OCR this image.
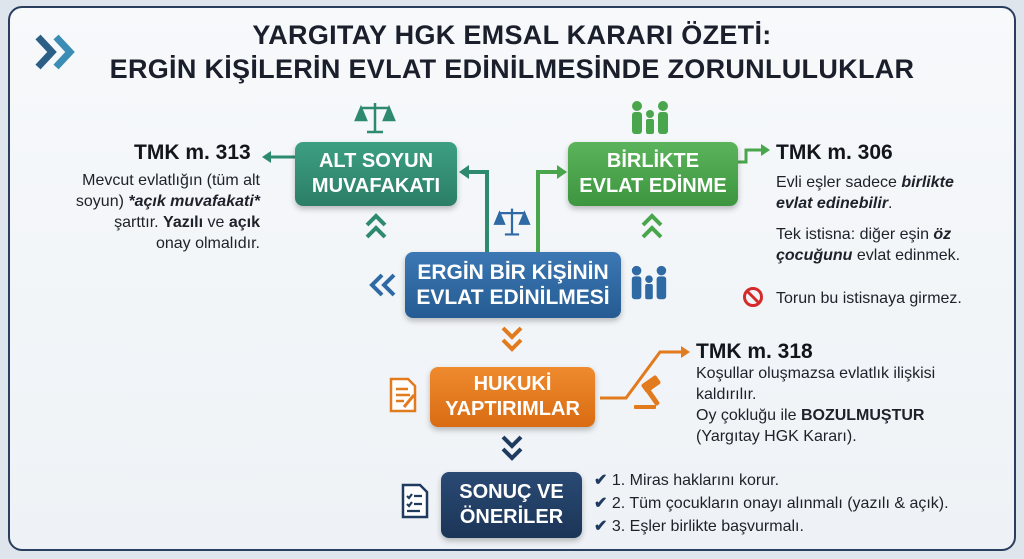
YARGITAY HGK EMSAL KARARI ÖZETİ:
ERGİN KİŞİLERİN EVLAT EDİNİLMESİNDE ZORUNLULUKLAR
ALT SOYUN
MUVAFAKATI
BİRLİKTE
EVLAT EDİNME
ERGİN BİR KİŞİNİN
EVLAT EDİNİLMESİ
HUKUKİ
YAPTIRIMLAR
SONUÇ VE
ÖNERİLER
TMK m. 313
Mevcut evlatlığın (tüm alt
soyun) *açık muvafakati*
şarttır. Yazılı ve açık
onay olmalıdır.
TMK m. 306
Evli eşler sadece birlikte
evlat edinebilir.
Tek istisna: diğer eşin öz
çocuğunu evlat edinmek.
Torun bu istisnaya girmez.
TMK m. 318
Koşullar oluşmazsa evlatlık ilişkisi
kaldırılır.
Oy çokluğu ile BOZULMUŞTUR
(Yargıtay HGK Kararı).
✔ 1. Miras haklarını korur.
✔ 2. Tüm çocukların onayı alınmalı (yazılı & açık).
✔ 3. Eşler birlikte başvurmalı.
